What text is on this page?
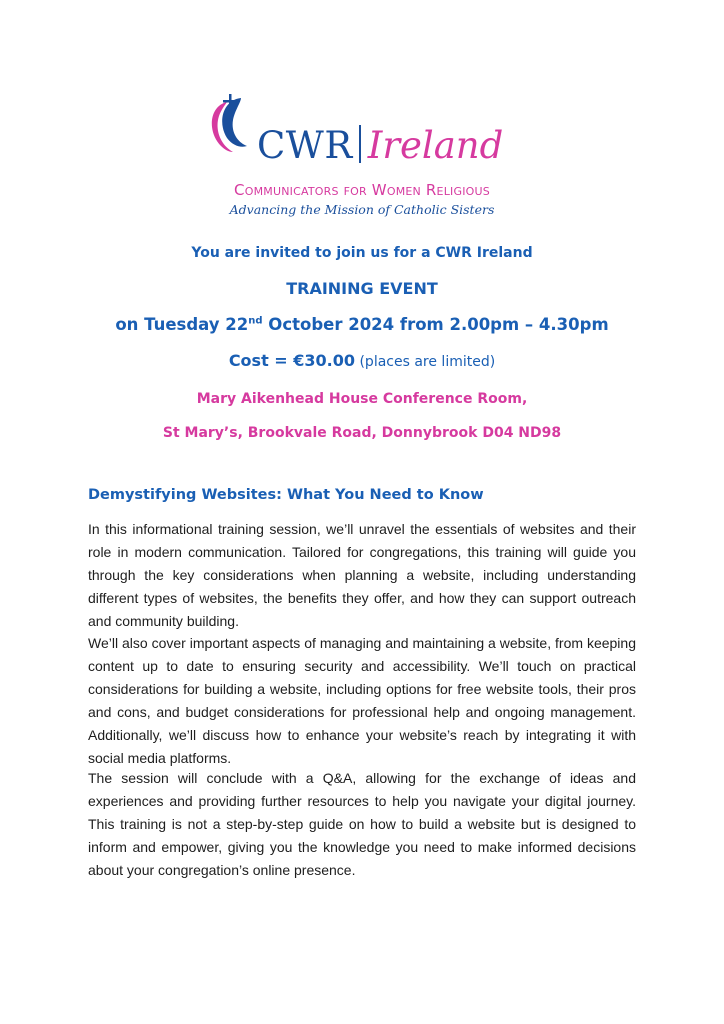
CWR Ireland
Communicators for Women Religious
Advancing the Mission of Catholic Sisters
You are invited to join us for a CWR Ireland
TRAINING EVENT
on Tuesday 22nd October 2024 from 2.00pm – 4.30pm
Cost = €30.00 (places are limited)
Mary Aikenhead House Conference Room,
St Mary’s, Brookvale Road, Donnybrook D04 ND98
Demystifying Websites: What You Need to Know

In this informational training session, we’ll unravel the essentials of websites and their role in modern communication. Tailored for congregations, this training will guide you through the key considerations when planning a website, including understanding different types of websites, the benefits they offer, and how they can support outreach and community building.

We’ll also cover important aspects of managing and maintaining a website, from keeping content up to date to ensuring security and accessibility. We’ll touch on practical considerations for building a website, including options for free website tools, their pros and cons, and budget considerations for professional help and ongoing management. Additionally, we’ll discuss how to enhance your website’s reach by integrating it with social media platforms.

The session will conclude with a Q&A, allowing for the exchange of ideas and experiences and providing further resources to help you navigate your digital journey. This training is not a step-by-step guide on how to build a website but is designed to inform and empower, giving you the knowledge you need to make informed decisions about your congregation’s online presence.
